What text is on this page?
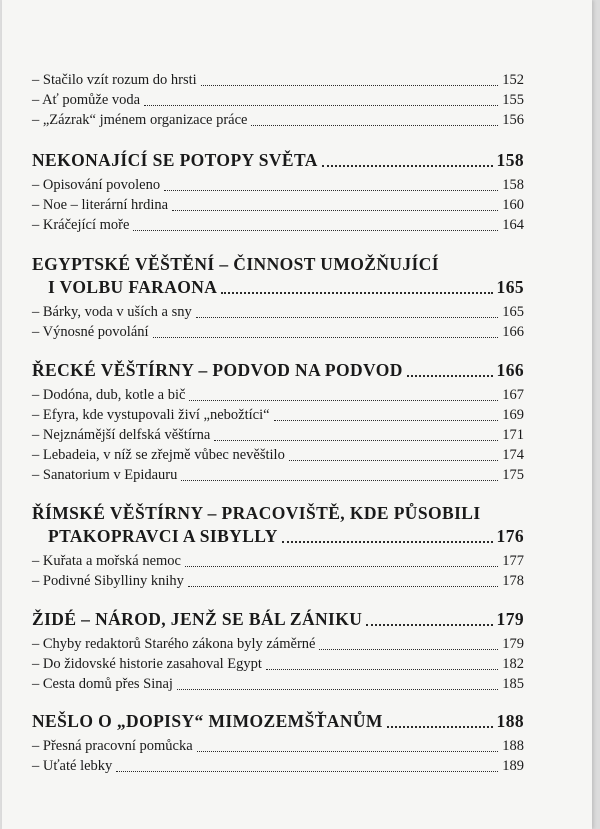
– Stačilo vzít rozum do hrsti	152
– Ať pomůže voda	155
– „Zázrak“ jménem organizace práce	156
NEKONAJÍCÍ SE POTOPY SVĚTA	158
– Opisování povoleno	158
– Noe – literární hrdina	160
– Kráčející moře	164
EGYPTSKÉ VĚŠTĚNÍ – ČINNOST UMOŽŇUJÍCÍ
I VOLBU FARAONA	165
– Bárky, voda v uších a sny	165
– Výnosné povolání	166
ŘECKÉ VĚŠTÍRNY – PODVOD NA PODVOD	166
– Dodóna, dub, kotle a bič	167
– Efyra, kde vystupovali živí „nebožtíci“	169
– Nejznámější delfská věštírna	171
– Lebadeia, v níž se zřejmě vůbec nevěštilo	174
– Sanatorium v Epidauru	175
ŘÍMSKÉ VĚŠTÍRNY – PRACOVIŠTĚ, KDE PŮSOBILI
PTAKOPRAVCI A SIBYLLY	176
– Kuřata a mořská nemoc	177
– Podivné Sibylliny knihy	178
ŽIDÉ – NÁROD, JENŽ SE BÁL ZÁNIKU	179
– Chyby redaktorů Starého zákona byly záměrné	179
– Do židovské historie zasahoval Egypt	182
– Cesta domů přes Sinaj	185
NEŠLO O „DOPISY“ MIMOZEMŠŤANŮM	188
– Přesná pracovní pomůcka	188
– Uťaté lebky	189
